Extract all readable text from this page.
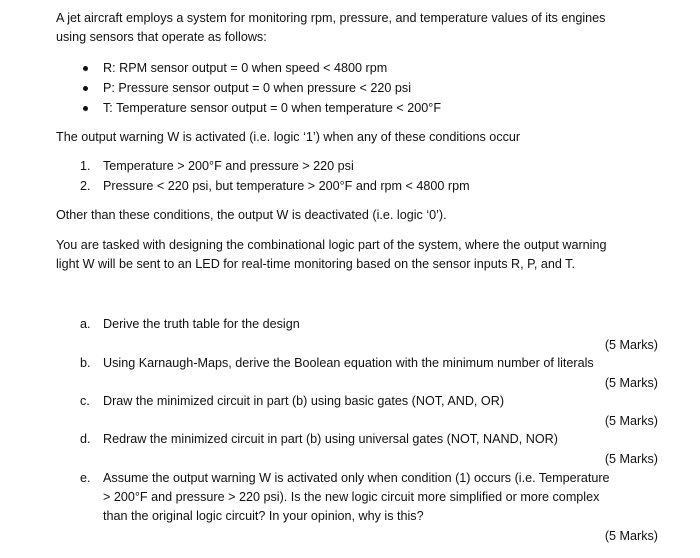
A jet aircraft employs a system for monitoring rpm, pressure, and temperature values of its engines
using sensors that operate as follows:
R: RPM sensor output = 0 when speed < 4800 rpm
P: Pressure sensor output = 0 when pressure < 220 psi
T: Temperature sensor output = 0 when temperature < 200°F
The output warning W is activated (i.e. logic ‘1’) when any of these conditions occur
1. Temperature > 200°F and pressure > 220 psi
2. Pressure < 220 psi, but temperature > 200°F and rpm < 4800 rpm
Other than these conditions, the output W is deactivated (i.e. logic ‘0’).
You are tasked with designing the combinational logic part of the system, where the output warning
light W will be sent to an LED for real-time monitoring based on the sensor inputs R, P, and T.
a. Derive the truth table for the design
(5 Marks)
b. Using Karnaugh-Maps, derive the Boolean equation with the minimum number of literals
(5 Marks)
c. Draw the minimized circuit in part (b) using basic gates (NOT, AND, OR)
(5 Marks)
d. Redraw the minimized circuit in part (b) using universal gates (NOT, NAND, NOR)
(5 Marks)
e. Assume the output warning W is activated only when condition (1) occurs (i.e. Temperature
> 200°F and pressure > 220 psi). Is the new logic circuit more simplified or more complex
than the original logic circuit? In your opinion, why is this?
(5 Marks)
